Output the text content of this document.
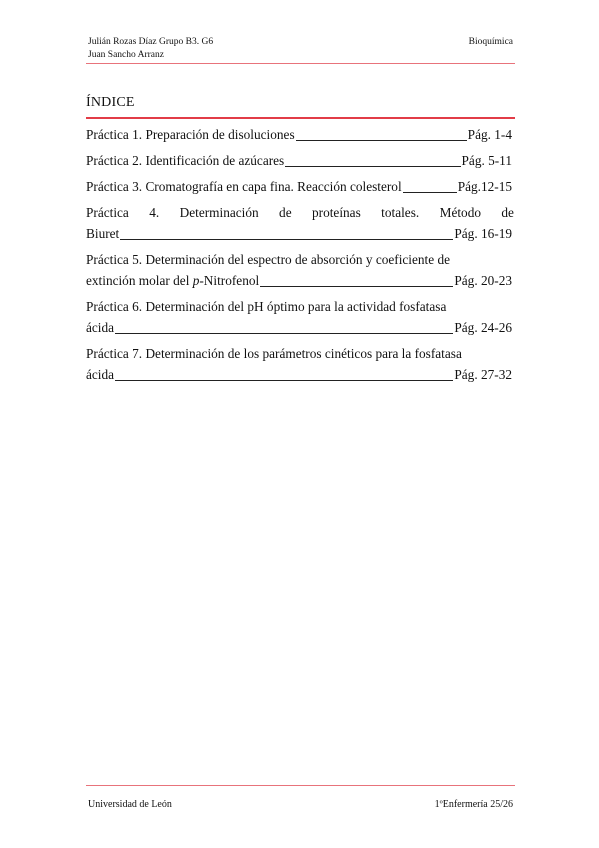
Julián Rozas Díaz Grupo B3. G6
Juan Sancho Arranz
Bioquímica
ÍNDICE
Práctica 1. Preparación de disoluciones	Pág. 1-4
Práctica 2. Identificación de azúcares	Pág. 5-11
Práctica 3. Cromatografía en capa fina. Reacción colesterol	Pág.12-15
Práctica 4. Determinación de proteínas totales. Método de
Biuret	Pág. 16-19
Práctica 5. Determinación del espectro de absorción y coeficiente de
extinción molar del p-Nitrofenol	Pág. 20-23
Práctica 6. Determinación del pH óptimo para la actividad fosfatasa
ácida	Pág. 24-26
Práctica 7. Determinación de los parámetros cinéticos para la fosfatasa
ácida	Pág. 27-32
Universidad de León	1ºEnfermería 25/26
